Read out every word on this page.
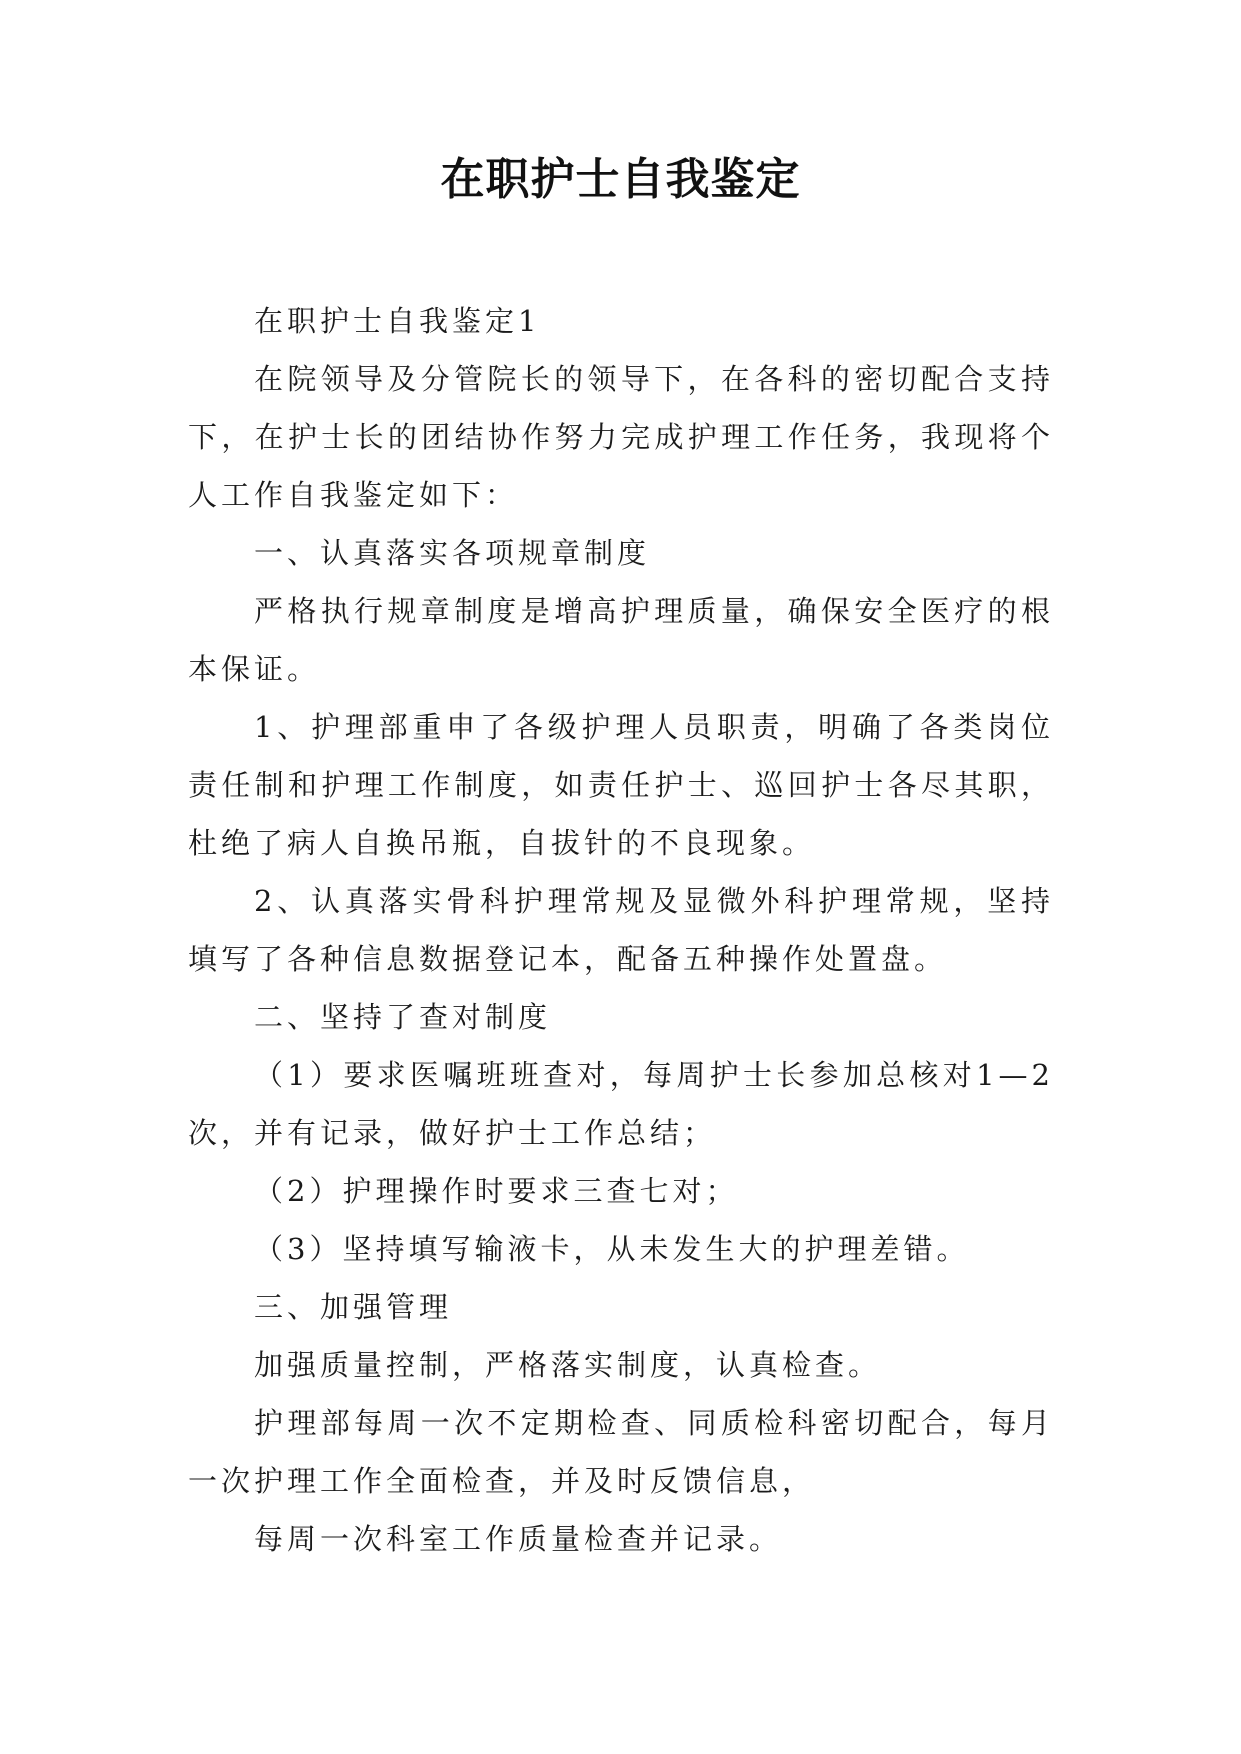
在职护士自我鉴定

在职护士自我鉴定1

在院领导及分管院长的领导下，在各科的密切配合支持下，在护士长的团结协作努力完成护理工作任务，我现将个人工作自我鉴定如下：

一、认真落实各项规章制度

严格执行规章制度是增高护理质量，确保安全医疗的根本保证。

1、护理部重申了各级护理人员职责，明确了各类岗位责任制和护理工作制度，如责任护士、巡回护士各尽其职，杜绝了病人自换吊瓶，自拔针的不良现象。

2、认真落实骨科护理常规及显微外科护理常规，坚持填写了各种信息数据登记本，配备五种操作处置盘。

二、坚持了查对制度

（1）要求医嘱班班查对，每周护士长参加总核对1—2次，并有记录，做好护士工作总结；

（2）护理操作时要求三查七对；

（3）坚持填写输液卡，从未发生大的护理差错。

三、加强管理

加强质量控制，严格落实制度，认真检查。

护理部每周一次不定期检查、同质检科密切配合，每月一次护理工作全面检查，并及时反馈信息，

每周一次科室工作质量检查并记录。
